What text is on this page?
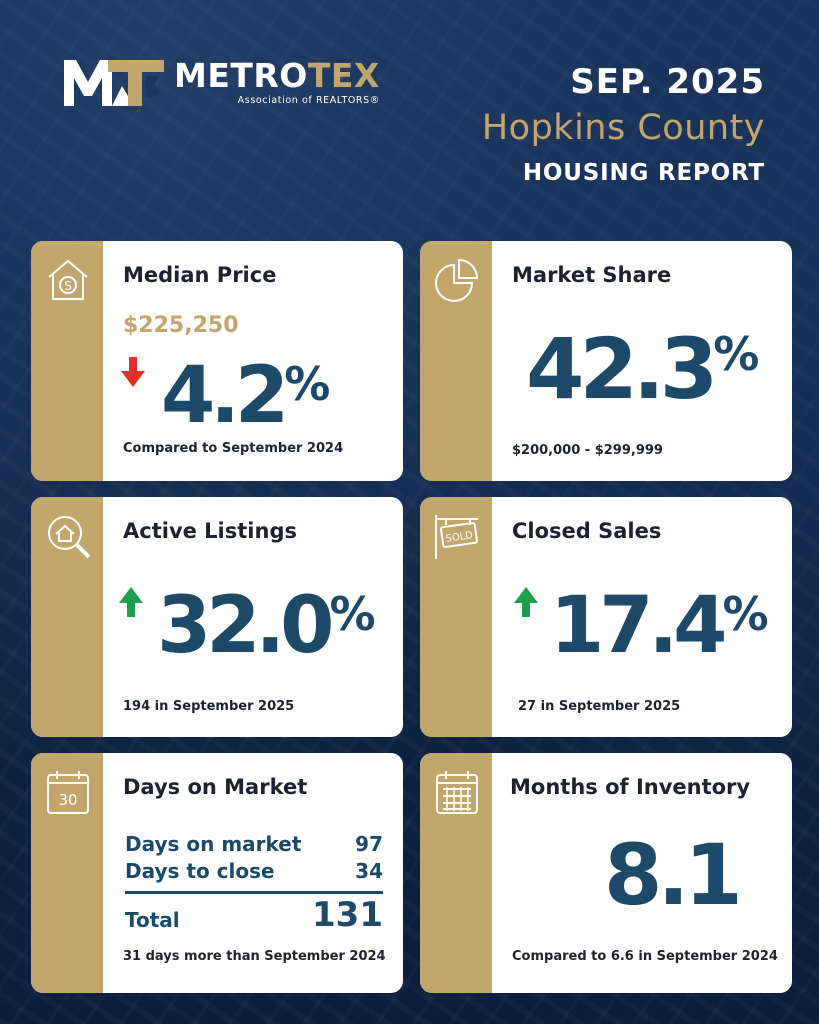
METROTEX
Association of REALTORS®	SEP. 2025
Hopkins County
HOUSING REPORT
S Median Price
$225,250
4.2%
Compared to September 2024
Market Share
42.3%
$200,000 - $299,999
Active Listings
32.0%
194 in September 2025
SOLD Closed Sales
17.4%
27 in September 2025
30
Days on Market
Days on market	97
Days to close	34
Total	131
31 days more than September 2024
Months of Inventory
8.1
Compared to 6.6 in September 2024
